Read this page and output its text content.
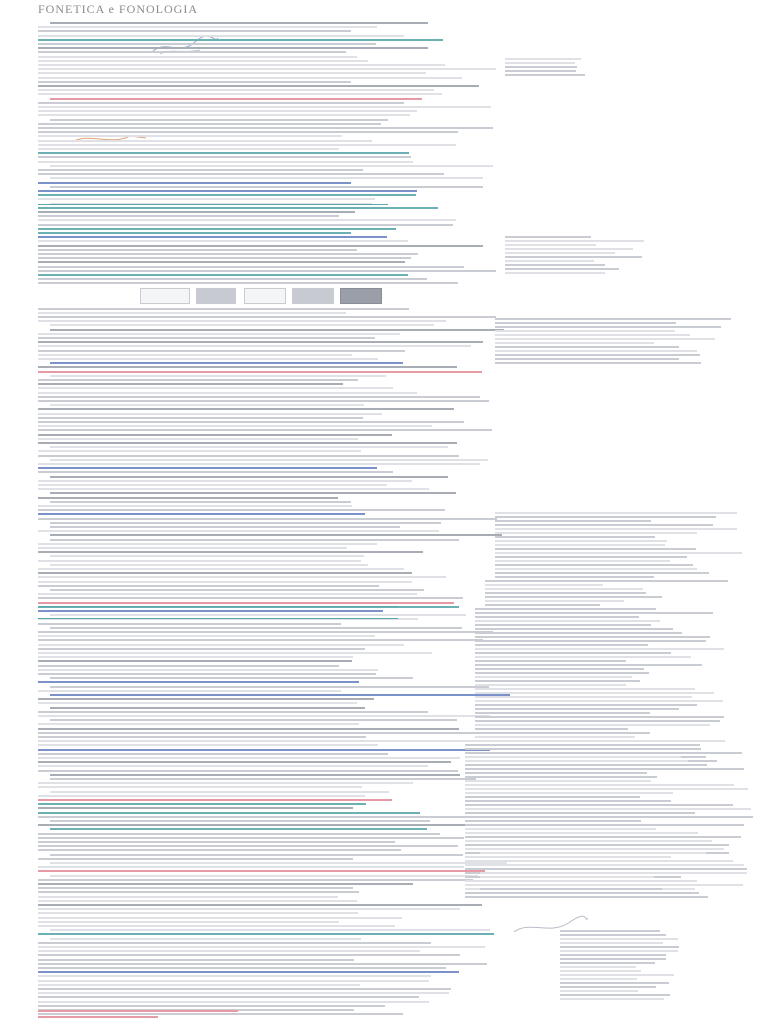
FONETICA e FONOLOGIA
